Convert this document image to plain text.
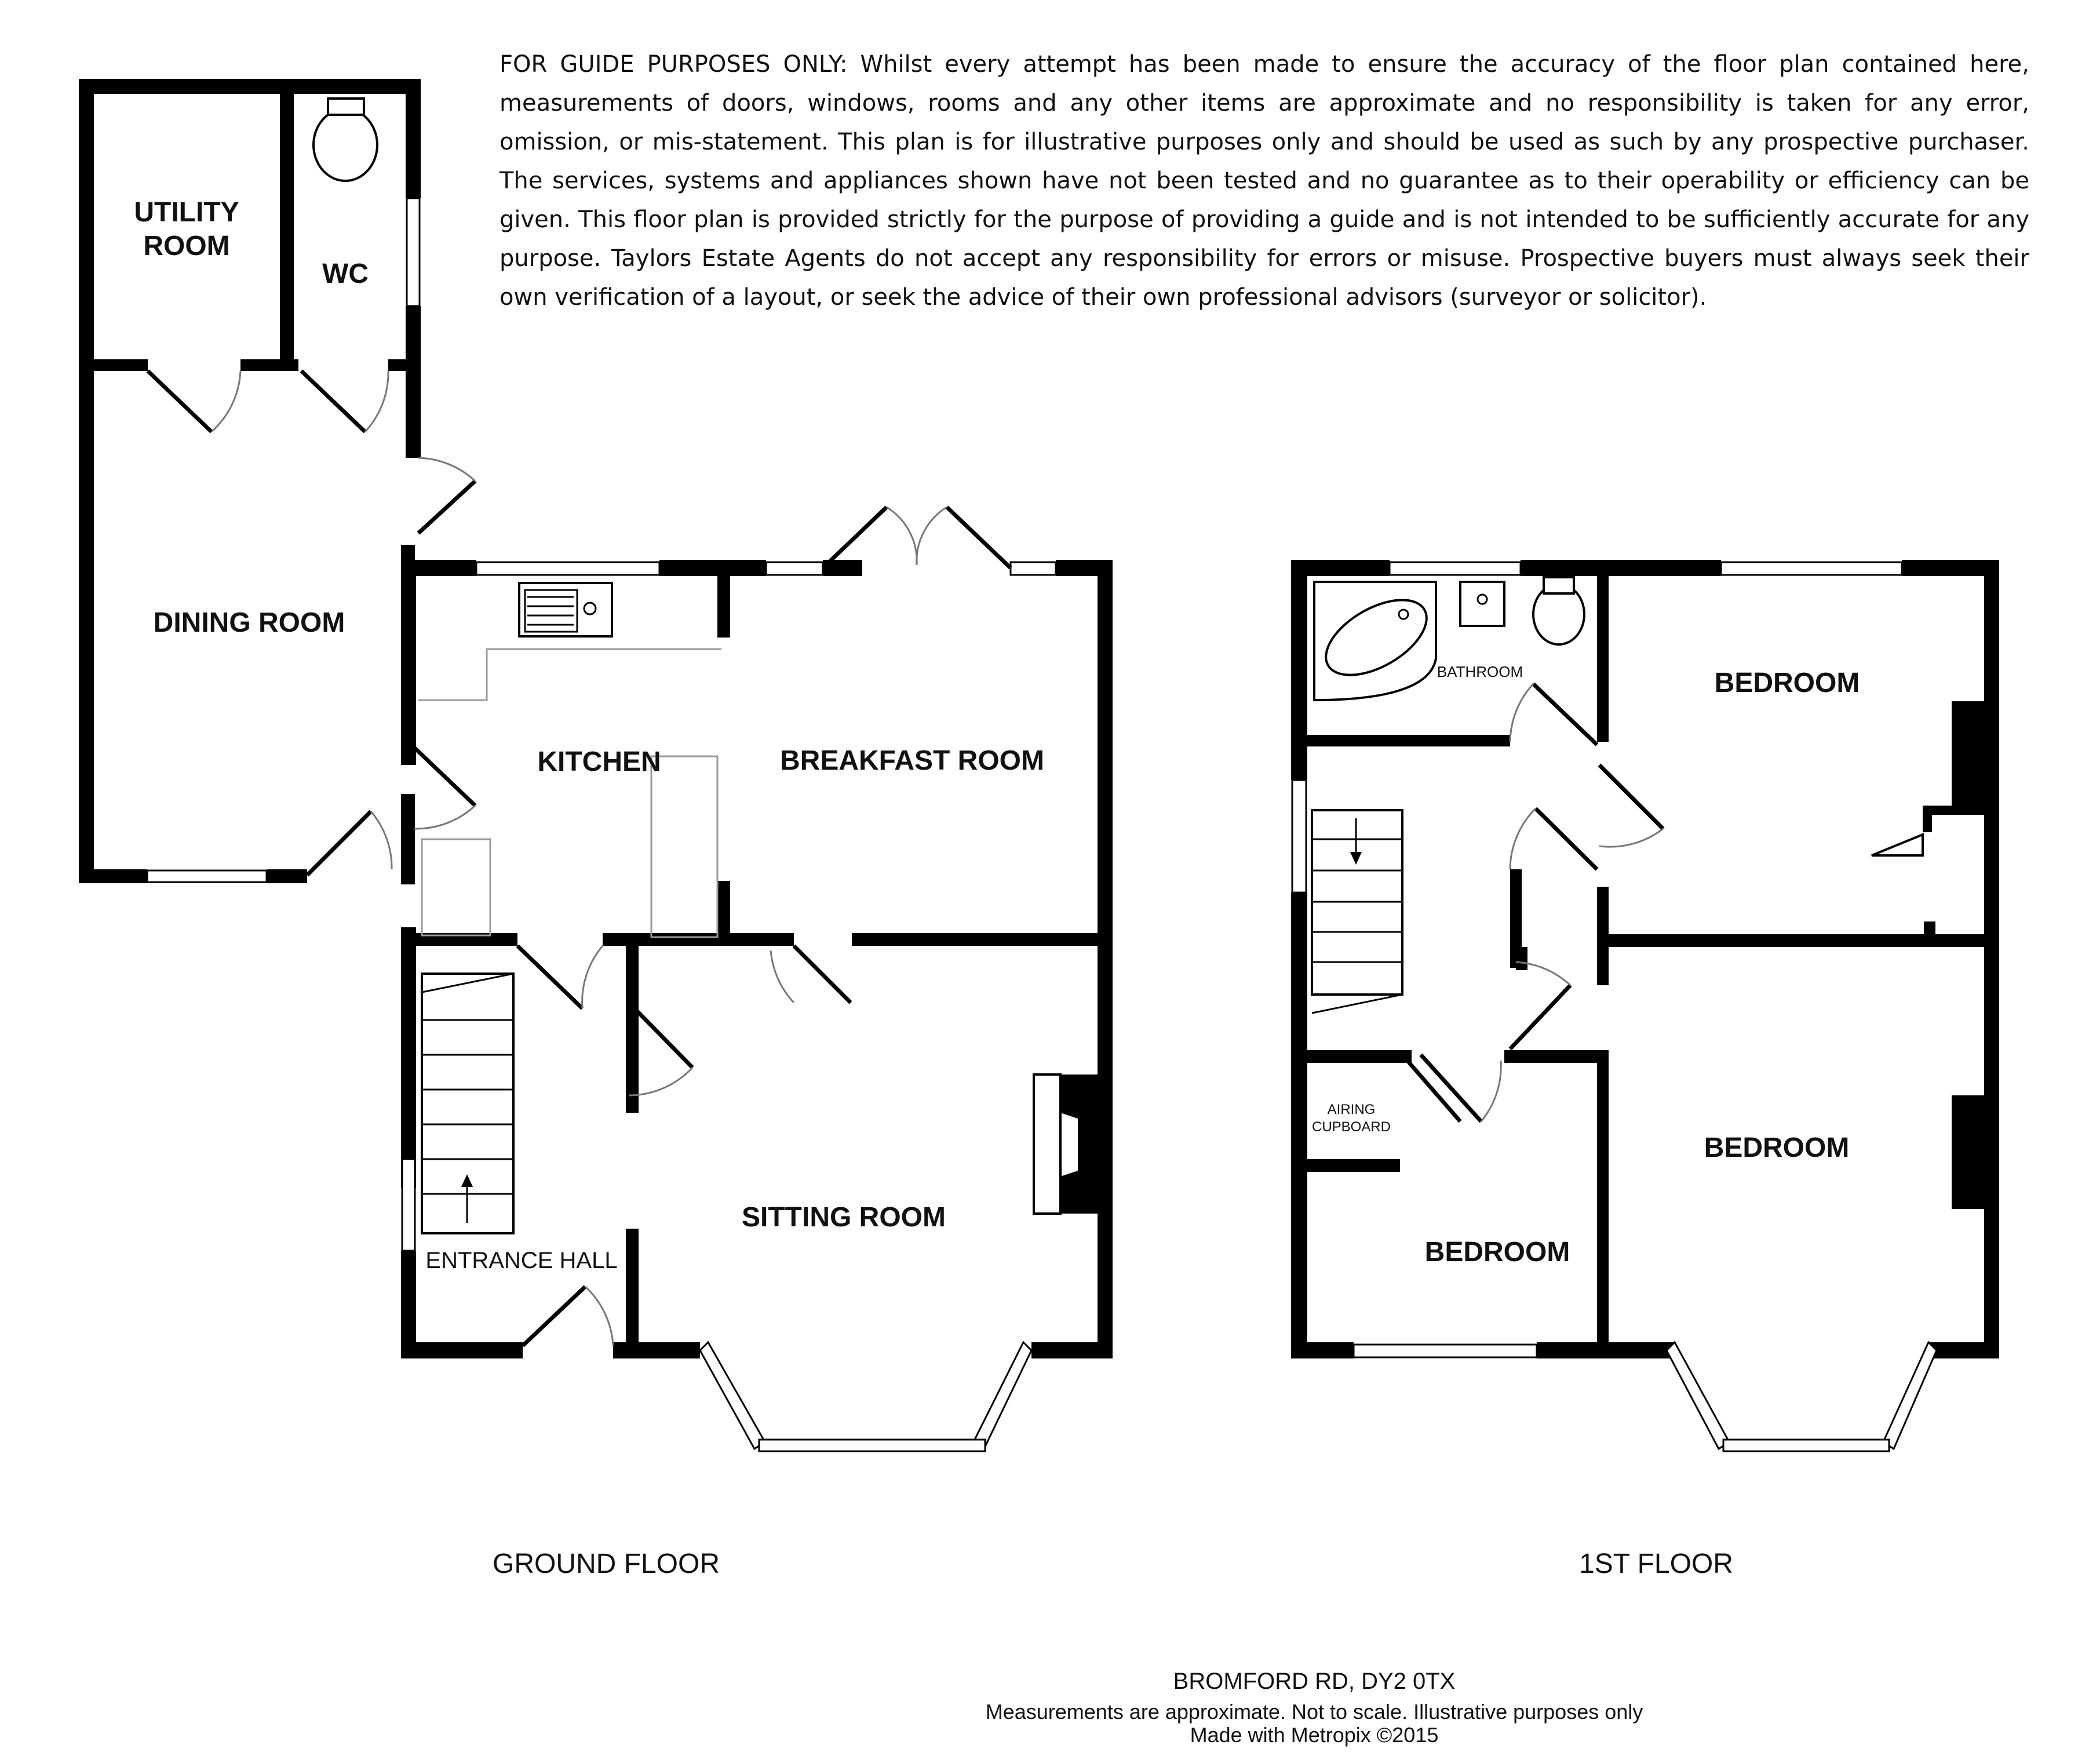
FOR GUIDE PURPOSES ONLY: Whilst every attempt has been made to ensure the accuracy of the floor plan contained here, measurements of doors, windows, rooms and any other items are approximate and no responsibility is taken for any error, omission, or mis-statement. This plan is for illustrative purposes only and should be used as such by any prospective purchaser. The services, systems and appliances shown have not been tested and no guarantee as to their operability or efficiency can be given. This floor plan is provided strictly for the purpose of providing a guide and is not intended to be sufficiently accurate for any purpose. Taylors Estate Agents do not accept any responsibility for errors or misuse. Prospective buyers must always seek their own verification of a layout, or seek the advice of their own professional advisors (surveyor or solicitor).
UTILITY
ROOM
WC
DINING ROOM
KITCHEN	BREAKFAST ROOM
SITTING ROOM
ENTRANCE HALL
BATHROOM	BEDROOM
BEDROOM
BEDROOM
AIRING
CUPBOARD
GROUND FLOOR	1ST FLOOR
BROMFORD RD, DY2 0TX
Measurements are approximate. Not to scale. Illustrative purposes only
Made with Metropix ©2015
